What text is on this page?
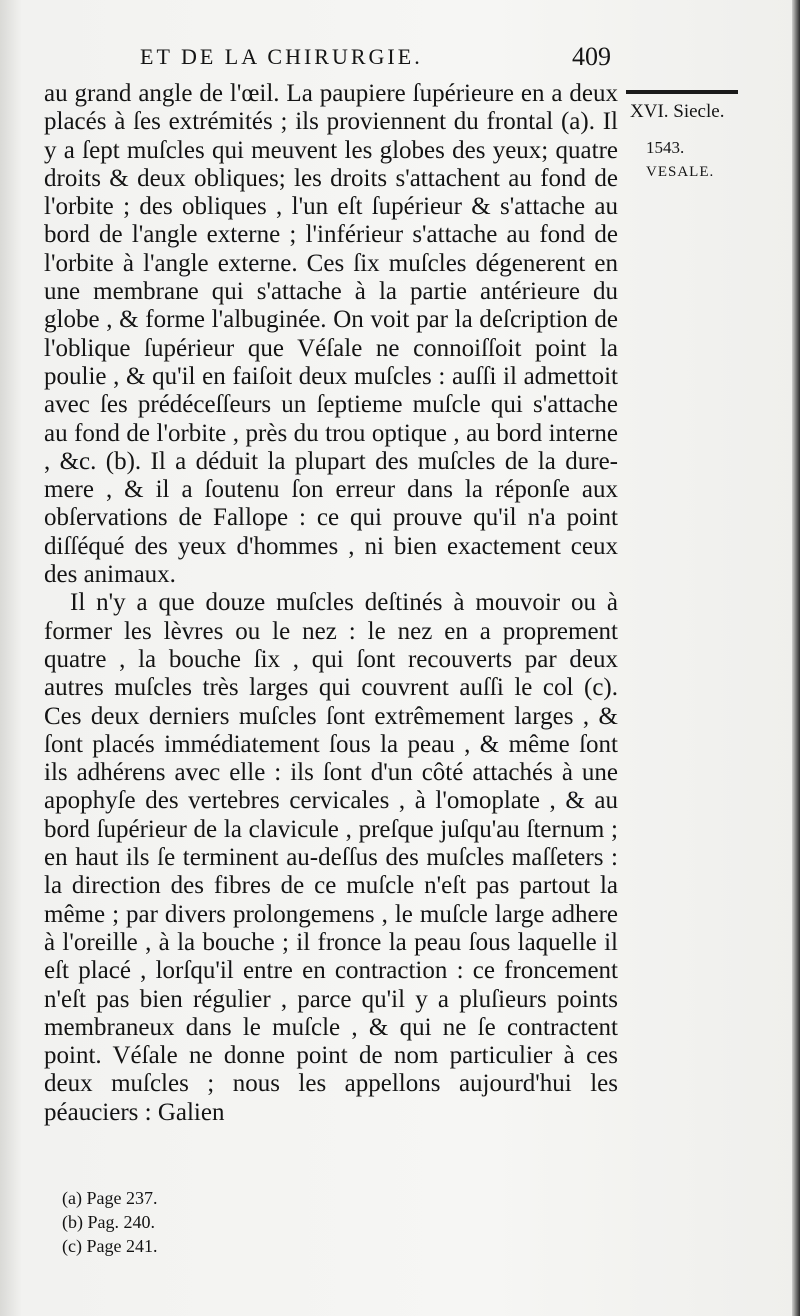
ET DE LA CHIRURGIE.	409
XVI. Siecle.
1543.
VESALE.

au grand angle de l'œil. La paupiere ſupérieure en a deux placés à ſes extrémités ; ils proviennent du frontal (a). Il y a ſept muſcles qui meuvent les globes des yeux; quatre droits & deux obliques; les droits s'attachent au fond de l'orbite ; des obliques , l'un eſt ſupérieur & s'attache au bord de l'angle externe ; l'inférieur s'attache au fond de l'orbite à l'angle externe. Ces ſix muſcles dégenerent en une membrane qui s'attache à la partie antérieure du globe , & forme l'albuginée. On voit par la deſcription de l'oblique ſupérieur que Véſale ne connoiſſoit point la poulie , & qu'il en faiſoit deux muſcles : auſſi il admettoit avec ſes prédéceſſeurs un ſeptieme muſcle qui s'attache au fond de l'orbite , près du trou optique , au bord interne , &c. (b). Il a déduit la plupart des muſcles de la dure-mere , & il a ſoutenu ſon erreur dans la réponſe aux obſervations de Fallope : ce qui prouve qu'il n'a point diſſéqué des yeux d'hommes , ni bien exactement ceux des animaux.

Il n'y a que douze muſcles deſtinés à mouvoir ou à former les lèvres ou le nez : le nez en a proprement quatre , la bouche ſix , qui ſont recouverts par deux autres muſcles très larges qui couvrent auſſi le col (c). Ces deux derniers muſcles ſont extrêmement larges , & ſont placés immédiatement ſous la peau , & même ſont ils adhérens avec elle : ils ſont d'un côté attachés à une apophyſe des vertebres cervicales , à l'omoplate , & au bord ſupérieur de la clavicule , preſque juſqu'au ſternum ; en haut ils ſe terminent au-deſſus des muſcles maſſeters : la direction des fibres de ce muſcle n'eſt pas partout la même ; par divers prolongemens , le muſcle large adhere à l'oreille , à la bouche ; il fronce la peau ſous laquelle il eſt placé , lorſqu'il entre en contraction : ce froncement n'eſt pas bien régulier , parce qu'il y a pluſieurs points membraneux dans le muſcle , & qui ne ſe contractent point. Véſale ne donne point de nom particulier à ces deux muſcles ; nous les appellons aujourd'hui les péauciers : Galien

(a) Page 237.
(b) Pag. 240.
(c) Page 241.
